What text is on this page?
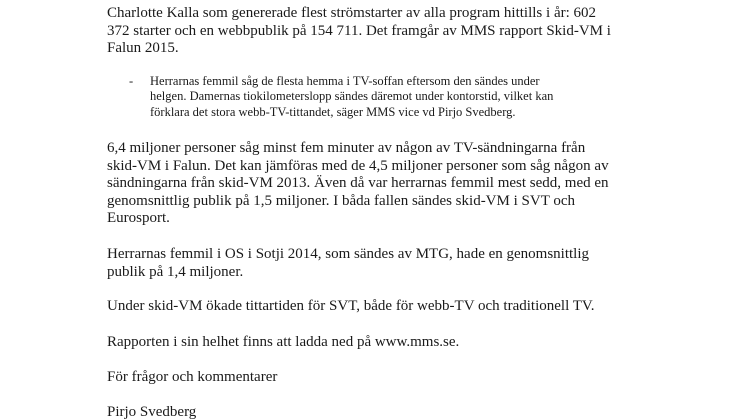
Charlotte Kalla som genererade flest strömstarter av alla program hittills i år: 602
372 starter och en webbpublik på 154 711. Det framgår av MMS rapport Skid-VM i
Falun 2015.

- Herrarnas femmil såg de flesta hemma i TV-soffan eftersom den sändes under
helgen. Damernas tiokilometerslopp sändes däremot under kontorstid, vilket kan
förklara det stora webb-TV-tittandet, säger MMS vice vd Pirjo Svedberg.

6,4 miljoner personer såg minst fem minuter av någon av TV-sändningarna från
skid-VM i Falun. Det kan jämföras med de 4,5 miljoner personer som såg någon av
sändningarna från skid-VM 2013. Även då var herrarnas femmil mest sedd, med en
genomsnittlig publik på 1,5 miljoner. I båda fallen sändes skid-VM i SVT och
Eurosport.

Herrarnas femmil i OS i Sotji 2014, som sändes av MTG, hade en genomsnittlig
publik på 1,4 miljoner.

Under skid-VM ökade tittartiden för SVT, både för webb-TV och traditionell TV.

Rapporten i sin helhet finns att ladda ned på www.mms.se.

För frågor och kommentarer

Pirjo Svedberg
